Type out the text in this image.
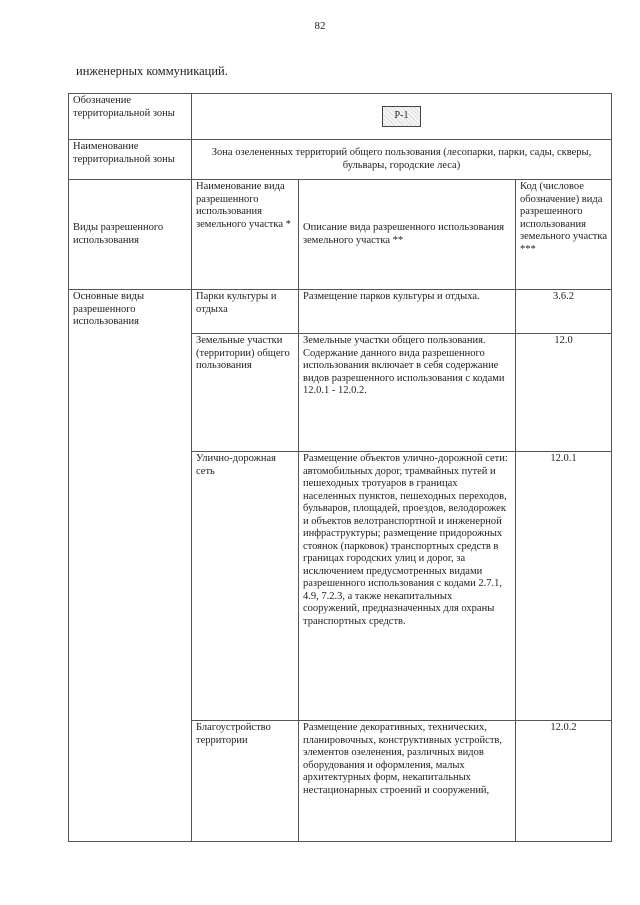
82
инженерных коммуникаций.
Обозначение территориальной зоны	Р-1		
Наименование территориальной зоны	Зона озелененных территорий общего пользования (лесопарки, парки, сады, скверы, бульвары, городские леса)		
Виды разрешенного использования	Наименование вида разрешенного использования земельного участка *	Описание вида разрешенного использования земельного участка **	Код (числовое обозначение) вида разрешенного использования земельного участка ***
Основные виды разрешенного использования	Парки культуры и отдыха	Размещение парков культуры и отдыха.	3.6.2
	Земельные участки (территории) общего пользования	Земельные участки общего пользования. Содержание данного вида разрешенного использования включает в себя содержание видов разрешенного использования с кодами 12.0.1 - 12.0.2.	12.0
	Улично-дорожная сеть	Размещение объектов улично-дорожной сети: автомобильных дорог, трамвайных путей и пешеходных тротуаров в границах населенных пунктов, пешеходных переходов, бульваров, площадей, проездов, велодорожек и объектов велотранспортной и инженерной инфраструктуры; размещение придорожных стоянок (парковок) транспортных средств в границах городских улиц и дорог, за исключением предусмотренных видами разрешенного использования с кодами 2.7.1, 4.9, 7.2.3, а также некапитальных сооружений, предназначенных для охраны транспортных средств.	12.0.1
	Благоустройство территории	Размещение декоративных, технических, планировочных, конструктивных устройств, элементов озеленения, различных видов оборудования и оформления, малых архитектурных форм, некапитальных нестационарных строений и сооружений,	12.0.2
